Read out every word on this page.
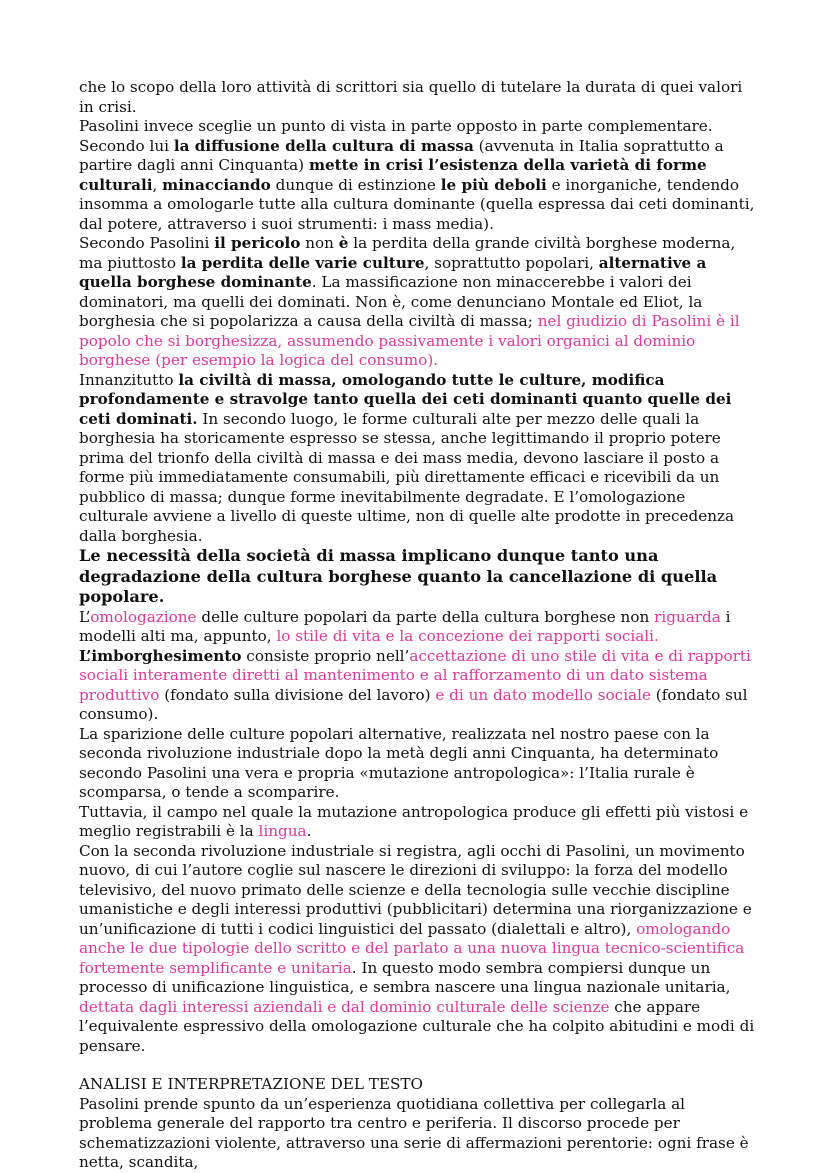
che lo scopo della loro attività di scrittori sia quello di tutelare la durata di quei valori in crisi.

Pasolini invece sceglie un punto di vista in parte opposto in parte complementare. Secondo lui la diffusione della cultura di massa (avvenuta in Italia soprattutto a partire dagli anni Cinquanta) mette in crisi l’esistenza della varietà di forme culturali, minacciando dunque di estinzione le più deboli e inorganiche, tendendo insomma a omologarle tutte alla cultura dominante (quella espressa dai ceti dominanti, dal potere, attraverso i suoi strumenti: i mass media).

Secondo Pasolini il pericolo non è la perdita della grande civiltà borghese moderna, ma piuttosto la perdita delle varie culture, soprattutto popolari, alternative a quella borghese dominante. La massificazione non minaccerebbe i valori dei dominatori, ma quelli dei dominati. Non è, come denunciano Montale ed Eliot, la borghesia che si popolarizza a causa della civiltà di massa; nel giudizio di Pasolini è il popolo che si borghesizza, assumendo passivamente i valori organici al dominio borghese (per esempio la logica del consumo).

Innanzitutto la civiltà di massa, omologando tutte le culture, modifica profondamente e stravolge tanto quella dei ceti dominanti quanto quelle dei ceti dominati. In secondo luogo, le forme culturali alte per mezzo delle quali la borghesia ha storicamente espresso se stessa, anche legittimando il proprio potere prima del trionfo della civiltà di massa e dei mass media, devono lasciare il posto a forme più immediatamente consumabili, più direttamente efficaci e ricevibili da un pubblico di massa; dunque forme inevitabilmente degradate. E l’omologazione culturale avviene a livello di queste ultime, non di quelle alte prodotte in precedenza dalla borghesia.

Le necessità della società di massa implicano dunque tanto una degradazione della cultura borghese quanto la cancellazione di quella popolare.

L’omologazione delle culture popolari da parte della cultura borghese non riguarda i modelli alti ma, appunto, lo stile di vita e la concezione dei rapporti sociali.

L’imborghesimento consiste proprio nell’accettazione di uno stile di vita e di rapporti sociali interamente diretti al mantenimento e al rafforzamento di un dato sistema produttivo (fondato sulla divisione del lavoro) e di un dato modello sociale (fondato sul consumo).

La sparizione delle culture popolari alternative, realizzata nel nostro paese con la seconda rivoluzione industriale dopo la metà degli anni Cinquanta, ha determinato secondo Pasolini una vera e propria «mutazione antropologica»: l’Italia rurale è scomparsa, o tende a scomparire.

Tuttavia, il campo nel quale la mutazione antropologica produce gli effetti più vistosi e meglio registrabili è la lingua.

Con la seconda rivoluzione industriale si registra, agli occhi di Pasolini, un movimento nuovo, di cui l’autore coglie sul nascere le direzioni di sviluppo: la forza del modello televisivo, del nuovo primato delle scienze e della tecnologia sulle vecchie discipline umanistiche e degli interessi produttivi (pubblicitari) determina una riorganizzazione e un’unificazione di tutti i codici linguistici del passato (dialettali e altro), omologando anche le due tipologie dello scritto e del parlato a una nuova lingua tecnico-scientifica fortemente semplificante e unitaria. In questo modo sembra compiersi dunque un processo di unificazione linguistica, e sembra nascere una lingua nazionale unitaria, dettata dagli interessi aziendali e dal dominio culturale delle scienze che appare l’equivalente espressivo della omologazione culturale che ha colpito abitudini e modi di pensare.

ANALISI E INTERPRETAZIONE DEL TESTO

Pasolini prende spunto da un’esperienza quotidiana collettiva per collegarla al problema generale del rapporto tra centro e periferia. Il discorso procede per schematizzazioni violente, attraverso una serie di affermazioni perentorie: ogni frase è netta, scandita,
